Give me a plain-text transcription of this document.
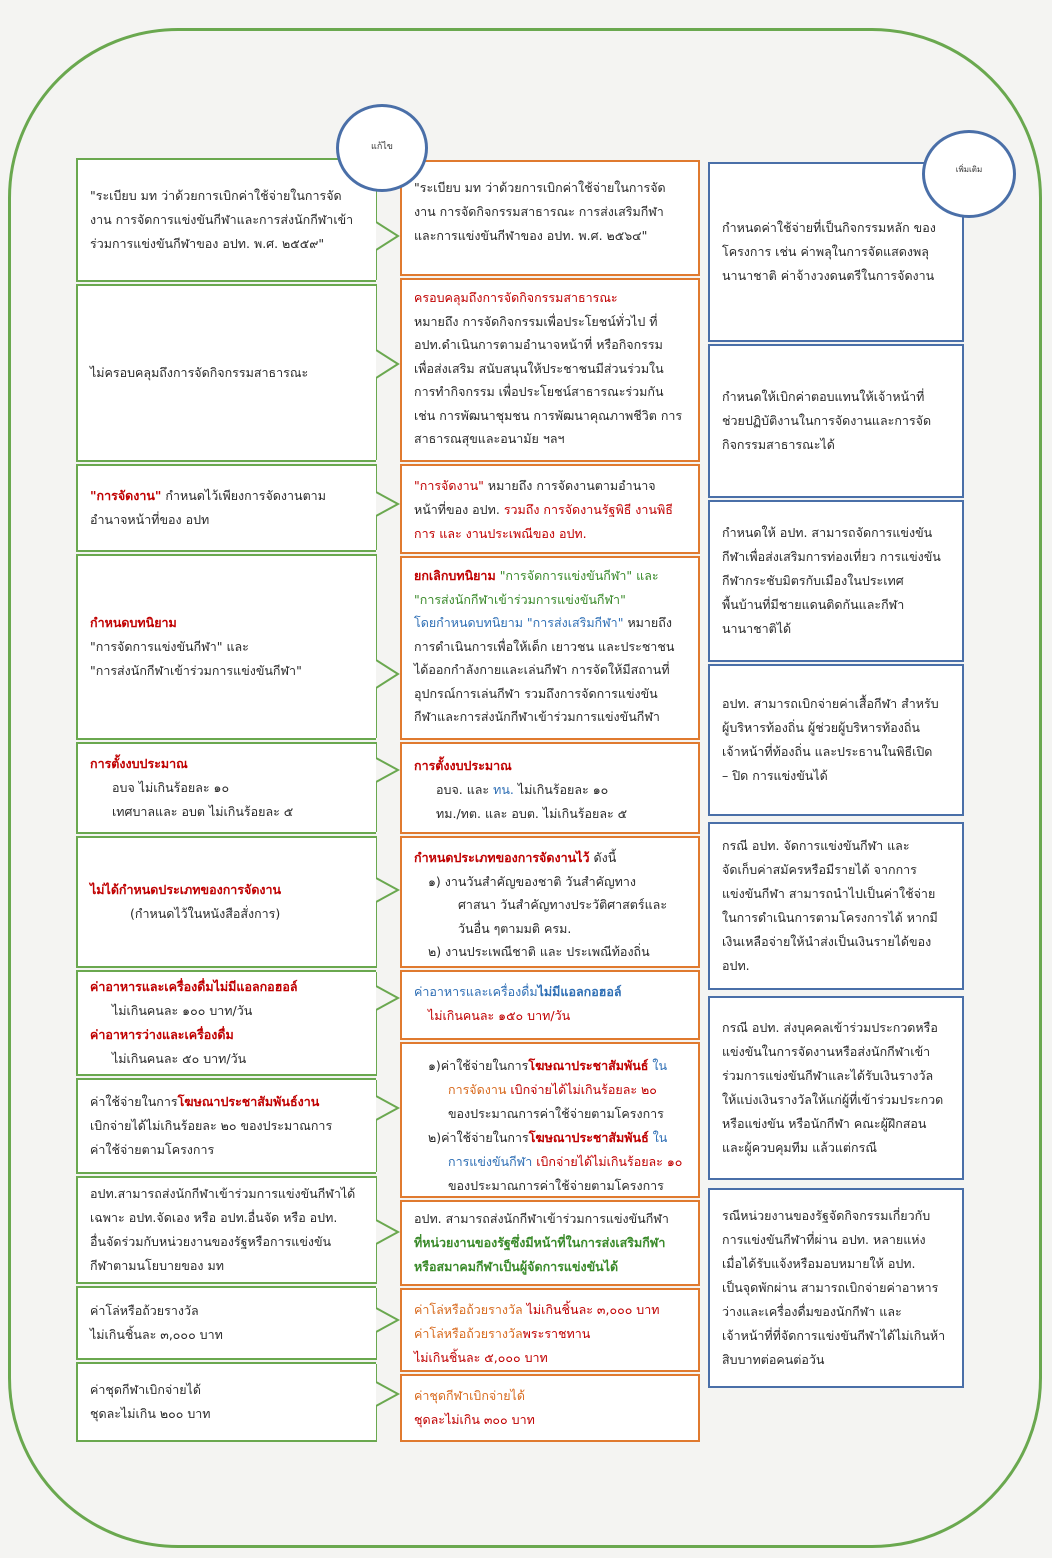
"ระเบียบ มท ว่าด้วยการเบิกค่าใช้จ่ายในการจัด
งาน การจัดการแข่งขันกีฬาและการส่งนักกีฬาเข้า
ร่วมการแข่งขันกีฬาของ อปท. พ.ศ. ๒๕๕๙"
ไม่ครอบคลุมถึงการจัดกิจกรรมสาธารณะ
"การจัดงาน" กำหนดไว้เพียงการจัดงานตาม
อำนาจหน้าที่ของ อปท
กำหนดบทนิยาม
"การจัดการแข่งขันกีฬา" และ
"การส่งนักกีฬาเข้าร่วมการแข่งขันกีฬา"
การตั้งงบประมาณ
อบจ ไม่เกินร้อยละ ๑๐
เทศบาลและ อบต ไม่เกินร้อยละ ๕
ไม่ได้กำหนดประเภทของการจัดงาน
(กำหนดไว้ในหนังสือสั่งการ)
ค่าอาหารและเครื่องดื่มไม่มีแอลกอฮอล์
ไม่เกินคนละ ๑๐๐ บาท/วัน
ค่าอาหารว่างและเครื่องดื่ม
ไม่เกินคนละ ๕๐ บาท/วัน
ค่าใช้จ่ายในการโฆษณาประชาสัมพันธ์งาน
เบิกจ่ายได้ไม่เกินร้อยละ ๒๐ ของประมาณการ
ค่าใช้จ่ายตามโครงการ
อปท.สามารถส่งนักกีฬาเข้าร่วมการแข่งขันกีฬาได้
เฉพาะ อปท.จัดเอง หรือ อปท.อื่นจัด หรือ อปท.
อื่นจัดร่วมกับหน่วยงานของรัฐหรือการแข่งขัน
กีฬาตามนโยบายของ มท
ค่าโล่หรือถ้วยรางวัล
ไม่เกินชิ้นละ ๓,๐๐๐ บาท
ค่าชุดกีฬาเบิกจ่ายได้
ชุดละไม่เกิน ๒๐๐ บาท
"ระเบียบ มท ว่าด้วยการเบิกค่าใช้จ่ายในการจัด
งาน การจัดกิจกรรมสาธารณะ การส่งเสริมกีฬา
และการแข่งขันกีฬาของ อปท. พ.ศ. ๒๕๖๔"
ครอบคลุมถึงการจัดกิจกรรมสาธารณะ
หมายถึง การจัดกิจกรรมเพื่อประโยชน์ทั่วไป ที่
อปท.ดำเนินการตามอำนาจหน้าที่ หรือกิจกรรม
เพื่อส่งเสริม สนับสนุนให้ประชาชนมีส่วนร่วมใน
การทำกิจกรรม เพื่อประโยชน์สาธารณะร่วมกัน
เช่น การพัฒนาชุมชน การพัฒนาคุณภาพชีวิต การ
สาธารณสุขและอนามัย ฯลฯ
"การจัดงาน" หมายถึง การจัดงานตามอำนาจ
หน้าที่ของ อปท. รวมถึง การจัดงานรัฐพิธี งานพิธี
การ และ งานประเพณีของ อปท.
ยกเลิกบทนิยาม "การจัดการแข่งขันกีฬา" และ
"การส่งนักกีฬาเข้าร่วมการแข่งขันกีฬา"
โดยกำหนดบทนิยาม "การส่งเสริมกีฬา" หมายถึง
การดำเนินการเพื่อให้เด็ก เยาวชน และประชาชน
ได้ออกกำลังกายและเล่นกีฬา การจัดให้มีสถานที่
อุปกรณ์การเล่นกีฬา รวมถึงการจัดการแข่งขัน
กีฬาและการส่งนักกีฬาเข้าร่วมการแข่งขันกีฬา
การตั้งงบประมาณ
อบจ. และ ทน. ไม่เกินร้อยละ ๑๐
ทม./ทต. และ อบต. ไม่เกินร้อยละ ๕
กำหนดประเภทของการจัดงานไว้ ดังนี้
๑) งานวันสำคัญของชาติ วันสำคัญทาง
ศาสนา วันสำคัญทางประวัติศาสตร์และ
วันอื่น ๆตามมติ ครม.
๒) งานประเพณีชาติ และ ประเพณีท้องถิ่น
ค่าอาหารและเครื่องดื่มไม่มีแอลกอฮอล์
ไม่เกินคนละ ๑๕๐ บาท/วัน
๑)ค่าใช้จ่ายในการโฆษณาประชาสัมพันธ์ ใน
การจัดงาน เบิกจ่ายได้ไม่เกินร้อยละ ๒๐
ของประมาณการค่าใช้จ่ายตามโครงการ
๒)ค่าใช้จ่ายในการโฆษณาประชาสัมพันธ์ ใน
การแข่งขันกีฬา เบิกจ่ายได้ไม่เกินร้อยละ ๑๐
ของประมาณการค่าใช้จ่ายตามโครงการ
อปท. สามารถส่งนักกีฬาเข้าร่วมการแข่งขันกีฬา
ที่หน่วยงานของรัฐซึ่งมีหน้าที่ในการส่งเสริมกีฬา
หรือสมาคมกีฬาเป็นผู้จัดการแข่งขันได้
ค่าโล่หรือถ้วยรางวัล ไม่เกินชิ้นละ ๓,๐๐๐ บาท
ค่าโล่หรือถ้วยรางวัลพระราชทาน
ไม่เกินชิ้นละ ๕,๐๐๐ บาท
ค่าชุดกีฬาเบิกจ่ายได้
ชุดละไม่เกิน ๓๐๐ บาท
กำหนดค่าใช้จ่ายที่เป็นกิจกรรมหลัก ของ
โครงการ เช่น ค่าพลุในการจัดแสดงพลุ
นานาชาติ ค่าจ้างวงดนตรีในการจัดงาน
กำหนดให้เบิกค่าตอบแทนให้เจ้าหน้าที่
ช่วยปฏิบัติงานในการจัดงานและการจัด
กิจกรรมสาธารณะได้
กำหนดให้ อปท. สามารถจัดการแข่งขัน
กีฬาเพื่อส่งเสริมการท่องเที่ยว การแข่งขัน
กีฬากระชับมิตรกับเมืองในประเทศ
พื้นบ้านที่มีชายแดนติดกันและกีฬา
นานาชาติได้
อปท. สามารถเบิกจ่ายค่าเสื้อกีฬา สำหรับ
ผู้บริหารท้องถิ่น ผู้ช่วยผู้บริหารท้องถิ่น
เจ้าหน้าที่ท้องถิ่น และประธานในพิธีเปิด
– ปิด การแข่งขันได้
กรณี อปท. จัดการแข่งขันกีฬา และ
จัดเก็บค่าสมัครหรือมีรายได้ จากการ
แข่งขันกีฬา สามารถนำไปเป็นค่าใช้จ่าย
ในการดำเนินการตามโครงการได้ หากมี
เงินเหลือจ่ายให้นำส่งเป็นเงินรายได้ของ
อปท.
กรณี อปท. ส่งบุคคลเข้าร่วมประกวดหรือ
แข่งขันในการจัดงานหรือส่งนักกีฬาเข้า
ร่วมการแข่งขันกีฬาและได้รับเงินรางวัล
ให้แบ่งเงินรางวัลให้แก่ผู้ที่เข้าร่วมประกวด
หรือแข่งขัน หรือนักกีฬา คณะผู้ฝึกสอน
และผู้ควบคุมทีม แล้วแต่กรณี
รณีหน่วยงานของรัฐจัดกิจกรรมเกี่ยวกับ
การแข่งขันกีฬาที่ผ่าน อปท. หลายแห่ง
เมื่อได้รับแจ้งหรือมอบหมายให้ อปท.
เป็นจุดพักผ่าน สามารถเบิกจ่ายค่าอาหาร
ว่างและเครื่องดื่มของนักกีฬา และ
เจ้าหน้าที่ที่จัดการแข่งขันกีฬาได้ไม่เกินห้า
สิบบาทต่อคนต่อวัน
แก้ไข
เพิ่มเติม
